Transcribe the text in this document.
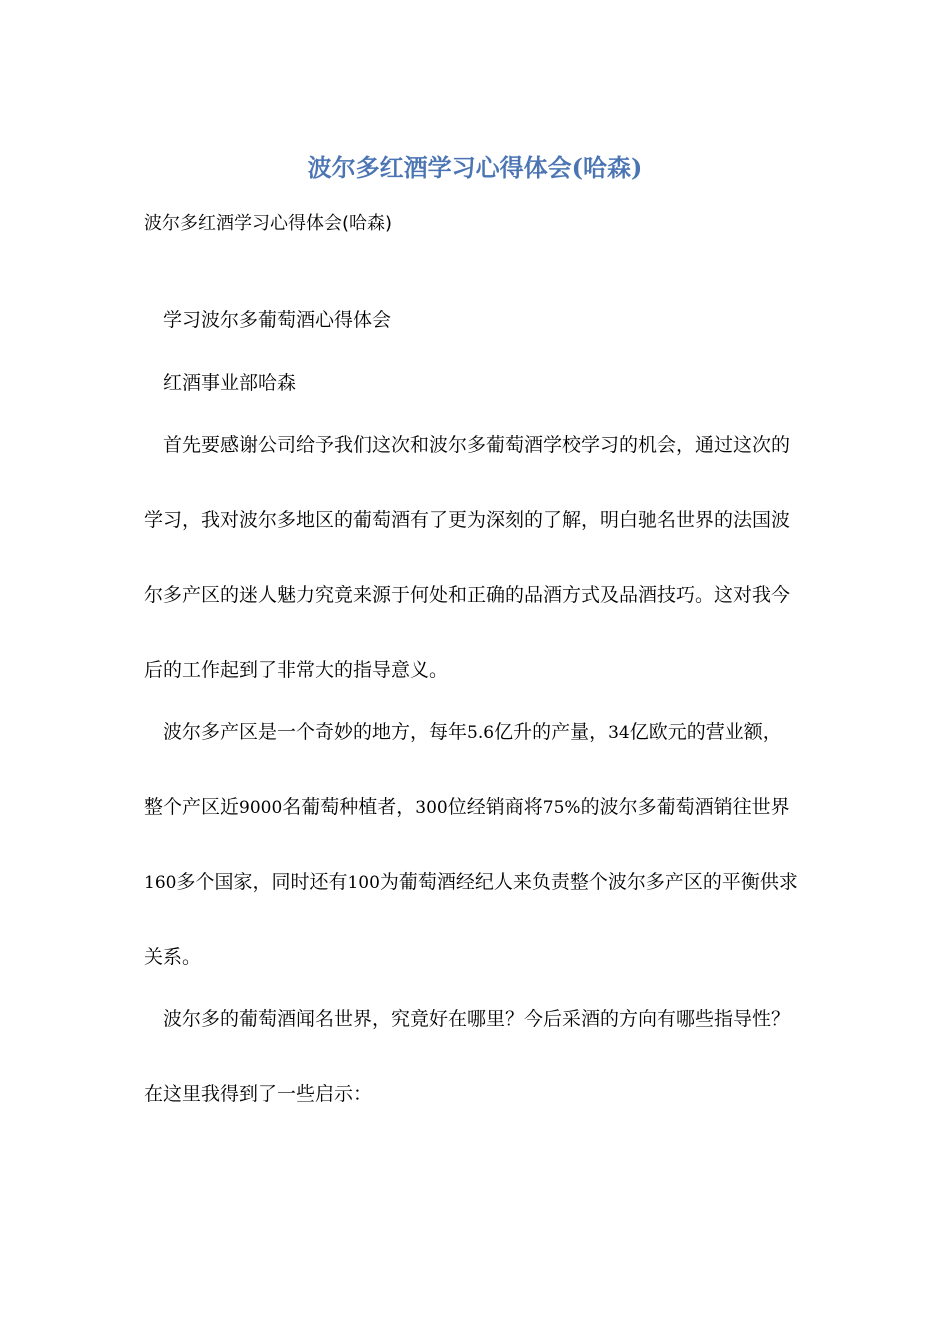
波尔多红酒学习心得体会(哈森)
波尔多红酒学习心得体会(哈森)
学习波尔多葡萄酒心得体会
红酒事业部哈森
首先要感谢公司给予我们这次和波尔多葡萄酒学校学习的机会，通过这次的
学习，我对波尔多地区的葡萄酒有了更为深刻的了解，明白驰名世界的法国波
尔多产区的迷人魅力究竟来源于何处和正确的品酒方式及品酒技巧。这对我今
后的工作起到了非常大的指导意义。
波尔多产区是一个奇妙的地方，每年5.6亿升的产量，34亿欧元的营业额，
整个产区近9000名葡萄种植者，300位经销商将75%的波尔多葡萄酒销往世界
160多个国家，同时还有100为葡萄酒经纪人来负责整个波尔多产区的平衡供求
关系。
波尔多的葡萄酒闻名世界，究竟好在哪里？今后采酒的方向有哪些指导性？
在这里我得到了一些启示：
